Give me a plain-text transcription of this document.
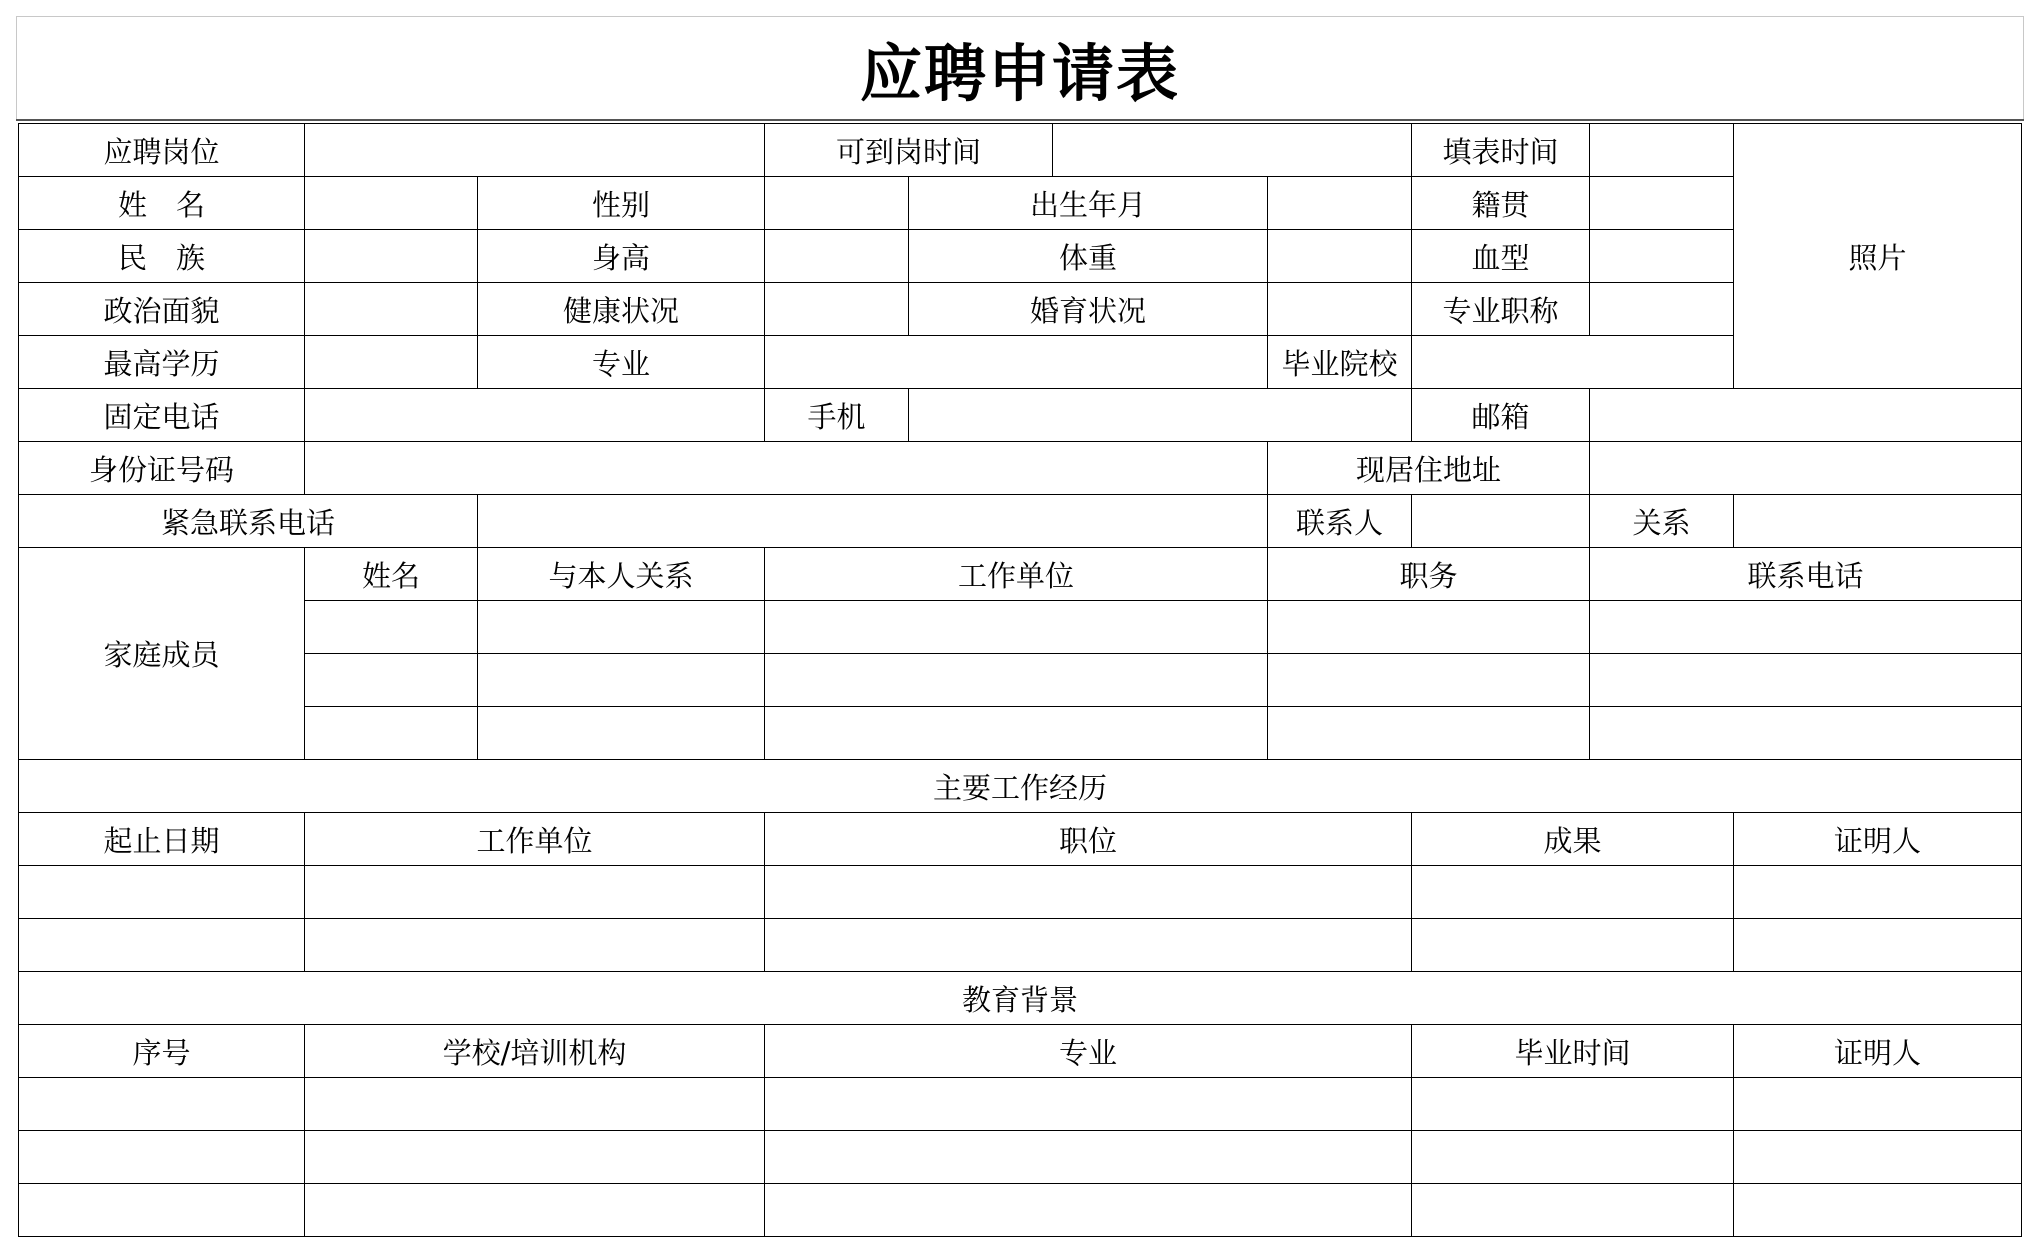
应聘申请表
应聘岗位			可到岗时间				填表时间		照片
姓　名		性别		出生年月			籍贯		
民　族		身高		体重			血型		
政治面貌		健康状况		婚育状况			专业职称		
最高学历		专业				毕业院校			
固定电话			手机				邮箱		
身份证号码						现居住地址			
紧急联系电话						联系人		关系	
家庭成员	姓名	与本人关系	工作单位			职务		联系电话	

主要工作经历									
起止日期	工作单位		职位				成果		证明人

教育背景									
序号	学校/培训机构		专业				毕业时间		证明人
